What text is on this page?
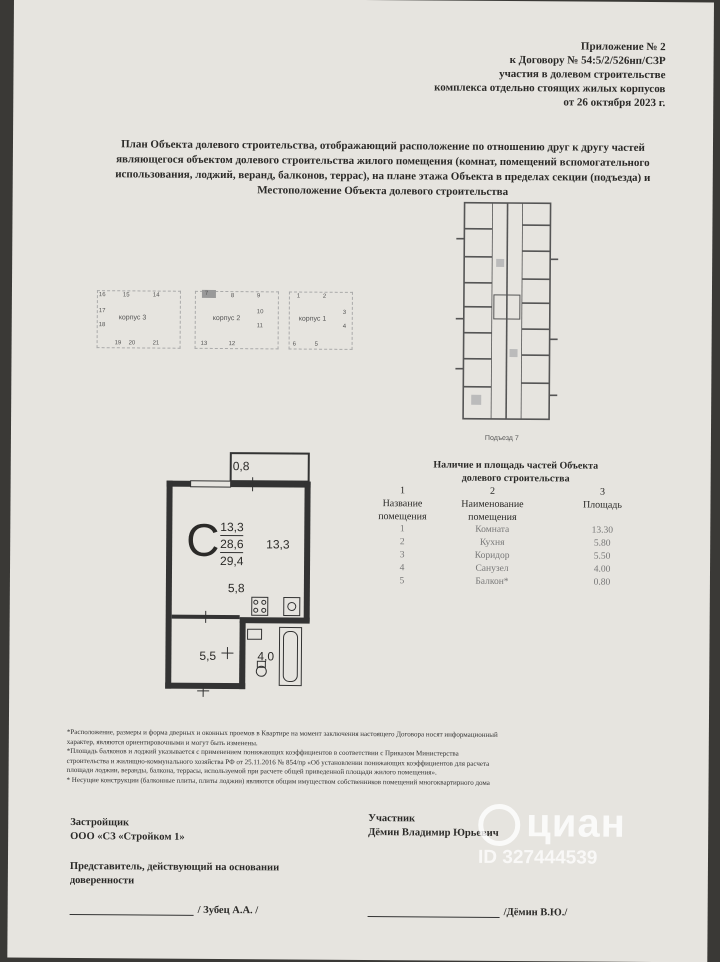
Приложение № 2
к Договору № 54:5/2/526нп/СЗР
участия в долевом строительстве
комплекса отдельно стоящих жилых корпусов
от 26 октября 2023 г.
План Объекта долевого строительства, отображающий расположение по отношению друг к другу частей
являющегося объектом долевого строительства жилого помещения (комнат, помещений вспомогательного
использования, лоджий, веранд, балконов, террас), на плане этажа Объекта в пределах секции (подъезда) и
Местоположение Объекта долевого строительства
корпус 3	корпус 2	корпус 1
16	15	14	7	8	9	1	2
17
18
10
11
3
4
19 20	21	13	12	6	5
Подъезд 7
0,8
С 13,3
28,6
29,4
13,3
5,8
5,5	4,0
Наличие и площадь частей Объекта
долевого строительства
1	2	3
Название
помещения
Наименование
помещения
Площадь
1	Комната	13.30
2	Кухня	5.80
3	Коридор	5.50
4	Санузел	4.00
5	Балкон*	0.80
*Расположение, размеры и форма дверных и оконных проемов в Квартире на момент заключения настоящего Договора носят информационный
характер, являются ориентировочными и могут быть изменены.
*Площадь балконов и лоджий указывается с применением понижающих коэффициентов в соответствии с Приказом Министерства
строительства и жилищно-коммунального хозяйства РФ от 25.11.2016 № 854/пр «Об установлении понижающих коэффициентов для расчета
площади лоджии, веранды, балкона, террасы, используемой при расчете общей приведенной площади жилого помещения».
* Несущие конструкции (балконные плиты, плиты лоджии) являются общим имуществом собственников помещений многоквартирного дома
Застройщик
ООО «СЗ «Стройком 1»
Участник
Дёмин Владимир Юрьевич
Представитель, действующий на основании
доверенности
/ Зубец А.А. /	/Дёмин В.Ю./
циан
ID 327444539
